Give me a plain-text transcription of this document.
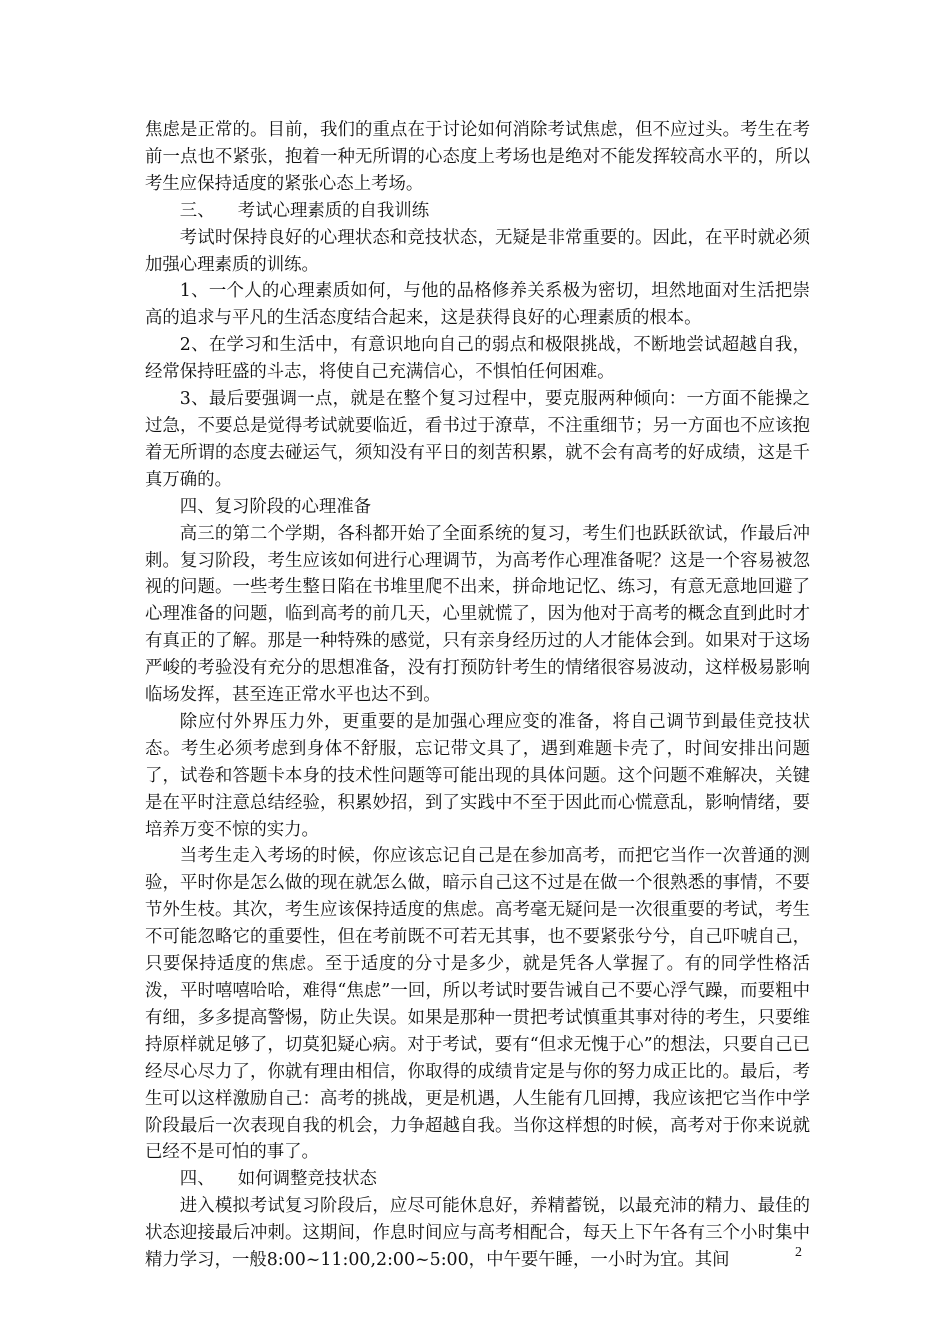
焦虑是正常的。目前，我们的重点在于讨论如何消除考试焦虑，但不应过头。考生在考前一点也不紧张，抱着一种无所谓的心态度上考场也是绝对不能发挥较高水平的，所以考生应保持适度的紧张心态上考场。

三、 考试心理素质的自我训练

考试时保持良好的心理状态和竞技状态，无疑是非常重要的。因此，在平时就必须加强心理素质的训练。

1、一个人的心理素质如何，与他的品格修养关系极为密切，坦然地面对生活把崇高的追求与平凡的生活态度结合起来，这是获得良好的心理素质的根本。

2、在学习和生活中，有意识地向自己的弱点和极限挑战，不断地尝试超越自我，经常保持旺盛的斗志，将使自己充满信心，不惧怕任何困难。

3、最后要强调一点，就是在整个复习过程中，要克服两种倾向：一方面不能操之过急，不要总是觉得考试就要临近，看书过于潦草，不注重细节；另一方面也不应该抱着无所谓的态度去碰运气，须知没有平日的刻苦积累，就不会有高考的好成绩，这是千真万确的。

四、复习阶段的心理准备

高三的第二个学期，各科都开始了全面系统的复习，考生们也跃跃欲试，作最后冲刺。复习阶段，考生应该如何进行心理调节，为高考作心理准备呢？这是一个容易被忽视的问题。一些考生整日陷在书堆里爬不出来，拼命地记忆、练习，有意无意地回避了心理准备的问题，临到高考的前几天，心里就慌了，因为他对于高考的概念直到此时才有真正的了解。那是一种特殊的感觉，只有亲身经历过的人才能体会到。如果对于这场严峻的考验没有充分的思想准备，没有打预防针考生的情绪很容易波动，这样极易影响临场发挥，甚至连正常水平也达不到。

除应付外界压力外，更重要的是加强心理应变的准备，将自己调节到最佳竞技状态。考生必须考虑到身体不舒服，忘记带文具了，遇到难题卡壳了，时间安排出问题了，试卷和答题卡本身的技术性问题等可能出现的具体问题。这个问题不难解决，关键是在平时注意总结经验，积累妙招，到了实践中不至于因此而心慌意乱，影响情绪，要培养万变不惊的实力。

当考生走入考场的时候，你应该忘记自己是在参加高考，而把它当作一次普通的测验，平时你是怎么做的现在就怎么做，暗示自己这不过是在做一个很熟悉的事情，不要节外生枝。其次，考生应该保持适度的焦虑。高考毫无疑问是一次很重要的考试，考生不可能忽略它的重要性，但在考前既不可若无其事，也不要紧张兮兮，自己吓唬自己，只要保持适度的焦虑。至于适度的分寸是多少，就是凭各人掌握了。有的同学性格活泼，平时嘻嘻哈哈，难得“焦虑”一回，所以考试时要告诫自己不要心浮气躁，而要粗中有细，多多提高警惕，防止失误。如果是那种一贯把考试慎重其事对待的考生，只要维持原样就足够了，切莫犯疑心病。对于考试，要有“但求无愧于心”的想法，只要自己已经尽心尽力了，你就有理由相信，你取得的成绩肯定是与你的努力成正比的。最后，考生可以这样激励自己：高考的挑战，更是机遇，人生能有几回搏，我应该把它当作中学阶段最后一次表现自我的机会，力争超越自我。当你这样想的时候，高考对于你来说就已经不是可怕的事了。

四、 如何调整竞技状态

进入模拟考试复习阶段后，应尽可能休息好，养精蓄锐，以最充沛的精力、最佳的状态迎接最后冲刺。这期间，作息时间应与高考相配合，每天上下午各有三个小时集中精力学习，一般8:00~11:00,2:00~5:00，中午要午睡，一小时为宜。其间	2
